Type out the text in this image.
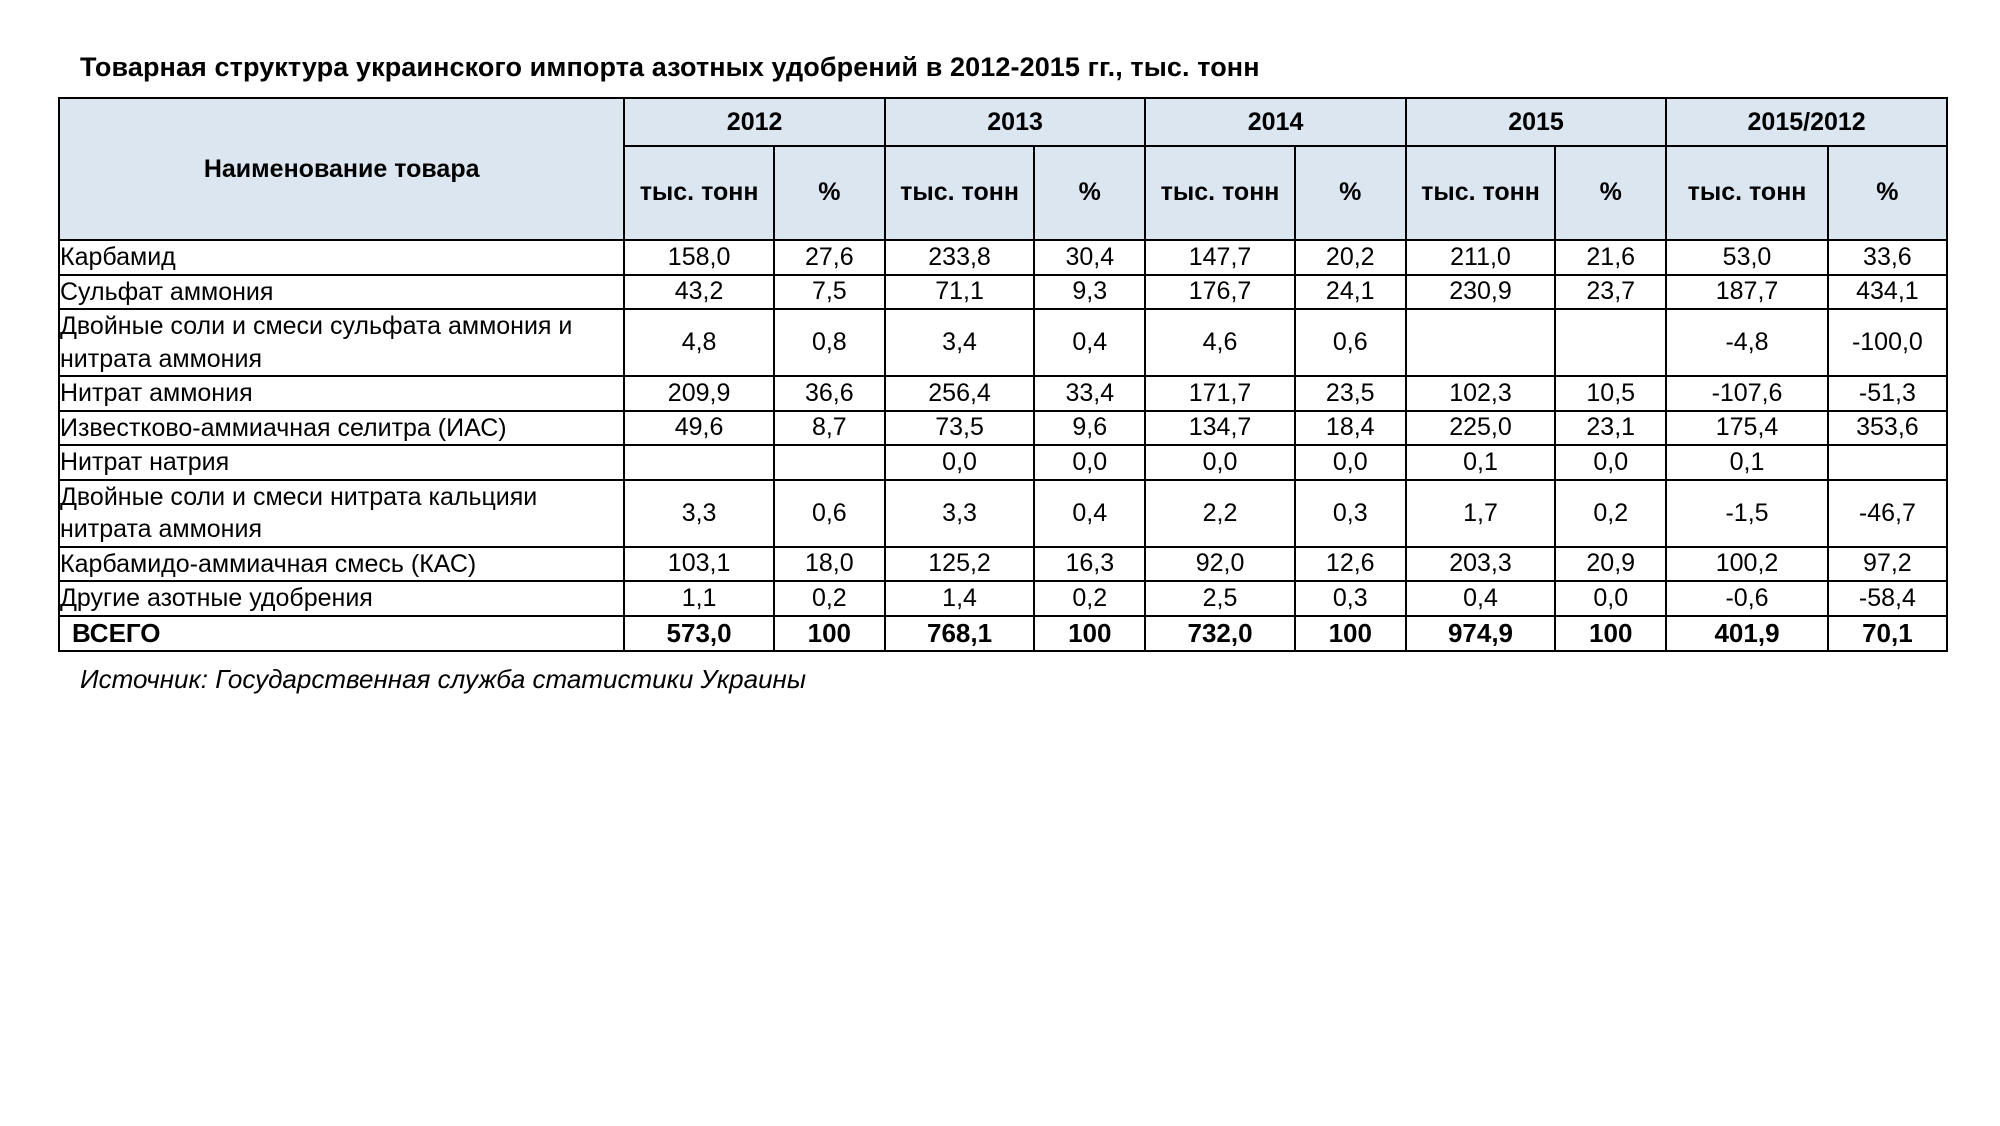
Товарная структура украинского импорта азотных удобрений в 2012-2015 гг., тыс. тонн
Наименование товара	2012		2013		2014		2015		2015/2012	
	тыс. тонн	%	тыс. тонн	%	тыс. тонн	%	тыс. тонн	%	тыс. тонн	%
Карбамид	158,0	27,6	233,8	30,4	147,7	20,2	211,0	21,6	53,0	33,6
Сульфат аммония	43,2	7,5	71,1	9,3	176,7	24,1	230,9	23,7	187,7	434,1
Двойные соли и смеси сульфата аммония и нитрата аммония	4,8	0,8	3,4	0,4	4,6	0,6			-4,8	-100,0
Нитрат аммония	209,9	36,6	256,4	33,4	171,7	23,5	102,3	10,5	-107,6	-51,3
Известково-аммиачная селитра (ИАС)	49,6	8,7	73,5	9,6	134,7	18,4	225,0	23,1	175,4	353,6
Нитрат натрия			0,0	0,0	0,0	0,0	0,1	0,0	0,1	
Двойные соли и смеси нитрата кальцияи нитрата аммония	3,3	0,6	3,3	0,4	2,2	0,3	1,7	0,2	-1,5	-46,7
Карбамидо-аммиачная смесь (КАС)	103,1	18,0	125,2	16,3	92,0	12,6	203,3	20,9	100,2	97,2
Другие азотные удобрения	1,1	0,2	1,4	0,2	2,5	0,3	0,4	0,0	-0,6	-58,4
ВСЕГО	573,0	100	768,1	100	732,0	100	974,9	100	401,9	70,1

Источник: Государственная служба статистики Украины
